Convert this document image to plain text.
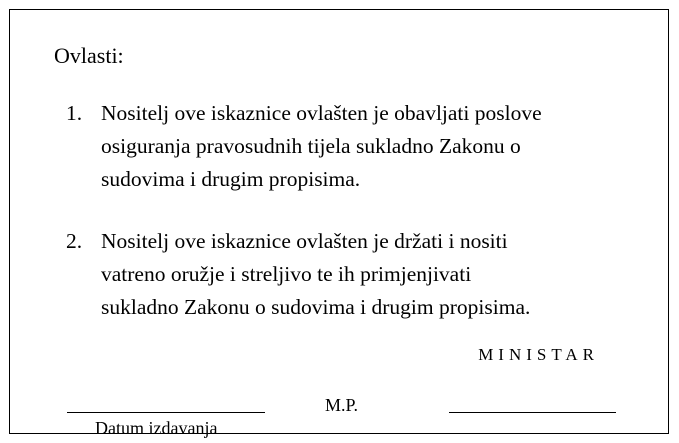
Ovlasti:

1. Nositelj ove iskaznice ovlašten je obavljati poslove
osiguranja pravosudnih tijela sukladno Zakonu o
sudovima i drugim propisima.
2. Nositelj ove iskaznice ovlašten je držati i nositi
vatreno oružje i streljivo te ih primjenjivati
sukladno Zakonu o sudovima i drugim propisima.
MINISTAR
M.P.
Datum izdavanja
